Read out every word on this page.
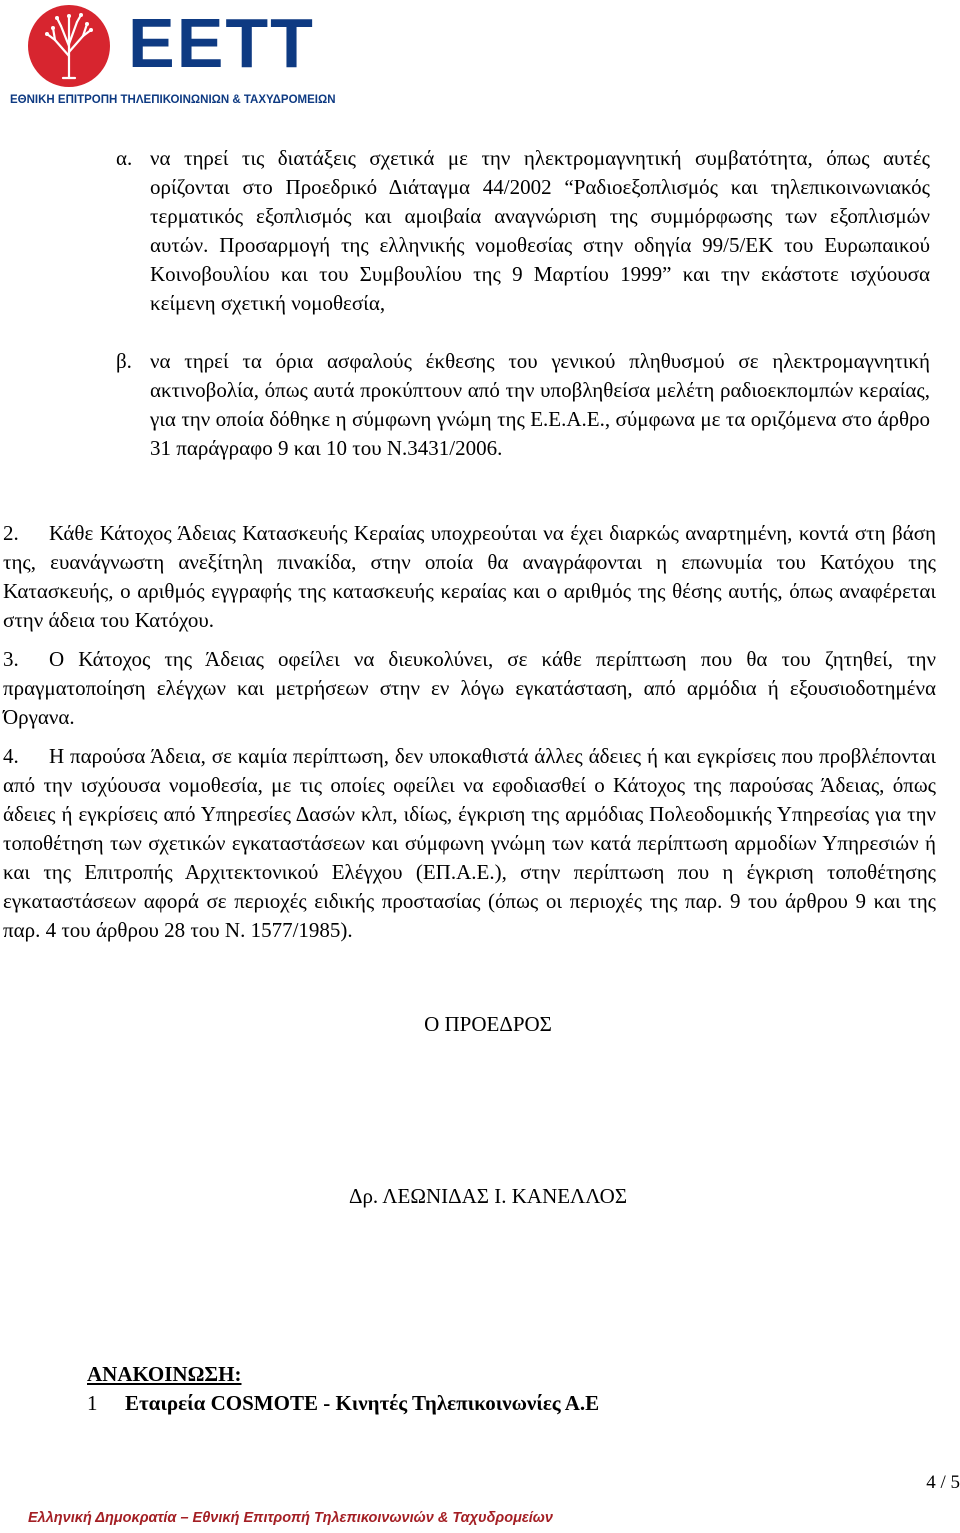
ΕΕΤΤ
ΕΘΝΙΚΗ ΕΠΙΤΡΟΠΗ ΤΗΛΕΠΙΚΟΙΝΩΝΙΩΝ & ΤΑΧΥΔΡΟΜΕΙΩΝ
α. να τηρεί τις διατάξεις σχετικά με την ηλεκτρομαγνητική συμβατότητα, όπως αυτές ορίζονται στο Προεδρικό Διάταγμα 44/2002 “Ραδιοεξοπλισμός και τηλεπικοινωνιακός τερματικός εξοπλισμός και αμοιβαία αναγνώριση της συμμόρφωσης των εξοπλισμών αυτών. Προσαρμογή της ελληνικής νομοθεσίας στην οδηγία 99/5/ΕΚ του Ευρωπαικού Κοινοβουλίου και του Συμβουλίου της 9 Μαρτίου 1999” και την εκάστοτε ισχύουσα κείμενη σχετική νομοθεσία,
β. να τηρεί τα όρια ασφαλούς έκθεσης του γενικού πληθυσμού σε ηλεκτρομαγνητική ακτινοβολία, όπως αυτά προκύπτουν από την υποβληθείσα μελέτη ραδιοεκπομπών κεραίας, για την οποία δόθηκε η σύμφωνη γνώμη της Ε.Ε.Α.Ε., σύμφωνα με τα οριζόμενα στο άρθρο 31 παράγραφο 9 και 10 του Ν.3431/2006.
2. Κάθε Κάτοχος Άδειας Κατασκευής Κεραίας υποχρεούται να έχει διαρκώς αναρτημένη, κοντά στη βάση της, ευανάγνωστη ανεξίτηλη πινακίδα, στην οποία θα αναγράφονται η επωνυμία του Κατόχου της Κατασκευής, ο αριθμός εγγραφής της κατασκευής κεραίας και ο αριθμός της θέσης αυτής, όπως αναφέρεται στην άδεια του Κατόχου.
3. Ο Κάτοχος της Άδειας οφείλει να διευκολύνει, σε κάθε περίπτωση που θα του ζητηθεί, την πραγματοποίηση ελέγχων και μετρήσεων στην εν λόγω εγκατάσταση, από αρμόδια ή εξουσιοδοτημένα Όργανα.
4. Η παρούσα Άδεια, σε καμία περίπτωση, δεν υποκαθιστά άλλες άδειες ή και εγκρίσεις που προβλέπονται από την ισχύουσα νομοθεσία, με τις οποίες οφείλει να εφοδιασθεί ο Κάτοχος της παρούσας Άδειας, όπως άδειες ή εγκρίσεις από Υπηρεσίες Δασών κλπ, ιδίως, έγκριση της αρμόδιας Πολεοδομικής Υπηρεσίας για την τοποθέτηση των σχετικών εγκαταστάσεων και σύμφωνη γνώμη των κατά περίπτωση αρμοδίων Υπηρεσιών ή και της Επιτροπής Αρχιτεκτονικού Ελέγχου (ΕΠ.Α.Ε.), στην περίπτωση που η έγκριση τοποθέτησης εγκαταστάσεων αφορά σε περιοχές ειδικής προστασίας (όπως οι περιοχές της παρ. 9 του άρθρου 9 και της παρ. 4 του άρθρου 28 του Ν. 1577/1985).
Ο ΠΡΟΕΔΡΟΣ
Δρ. ΛΕΩΝΙΔΑΣ Ι. ΚΑΝΕΛΛΟΣ
ΑΝΑΚΟΙΝΩΣΗ:
1 Εταιρεία COSMOTE - Κινητές Τηλεπικοινωνίες Α.Ε
4 / 5
Ελληνική Δημοκρατία – Εθνική Επιτροπή Τηλεπικοινωνιών & Ταχυδρομείων
